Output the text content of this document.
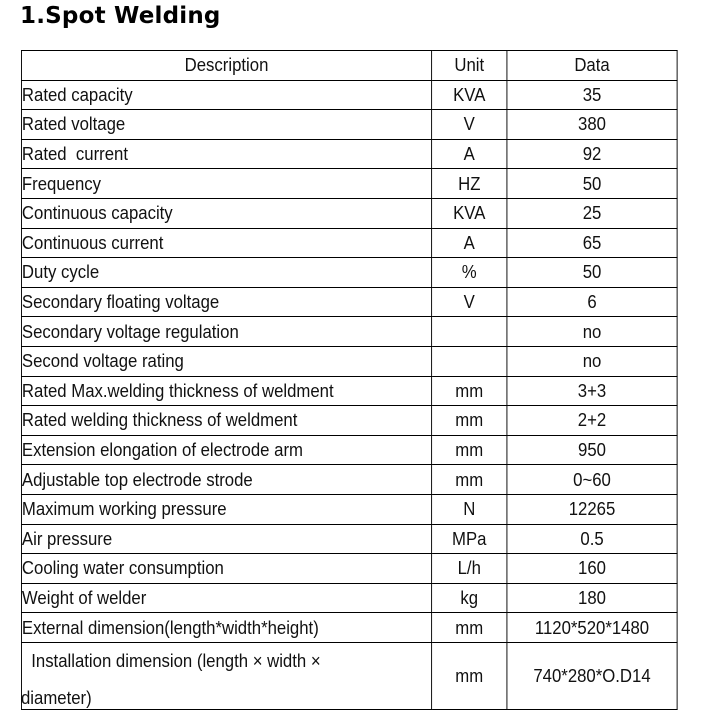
1.Spot Welding
Description	Unit	Data
Rated capacity	KVA	35
Rated voltage	V	380
Rated  current	A	92
Frequency	HZ	50
Continuous capacity	KVA	25
Continuous current	A	65
Duty cycle	%	50
Secondary floating voltage	V	6
Secondary voltage regulation		no
Second voltage rating		no
Rated Max.welding thickness of weldment	mm	3+3
Rated welding thickness of weldment	mm	2+2
Extension elongation of electrode arm	mm	950
Adjustable top electrode strode	mm	0~60
Maximum working pressure	N	12265
Air pressure	MPa	0.5
Cooling water consumption	L/h	160
Weight of welder	kg	180
External dimension(length*width*height)	mm	1120*520*1480

Installation dimension (length × width ×
diameter)	mm	740*280*O.D14
